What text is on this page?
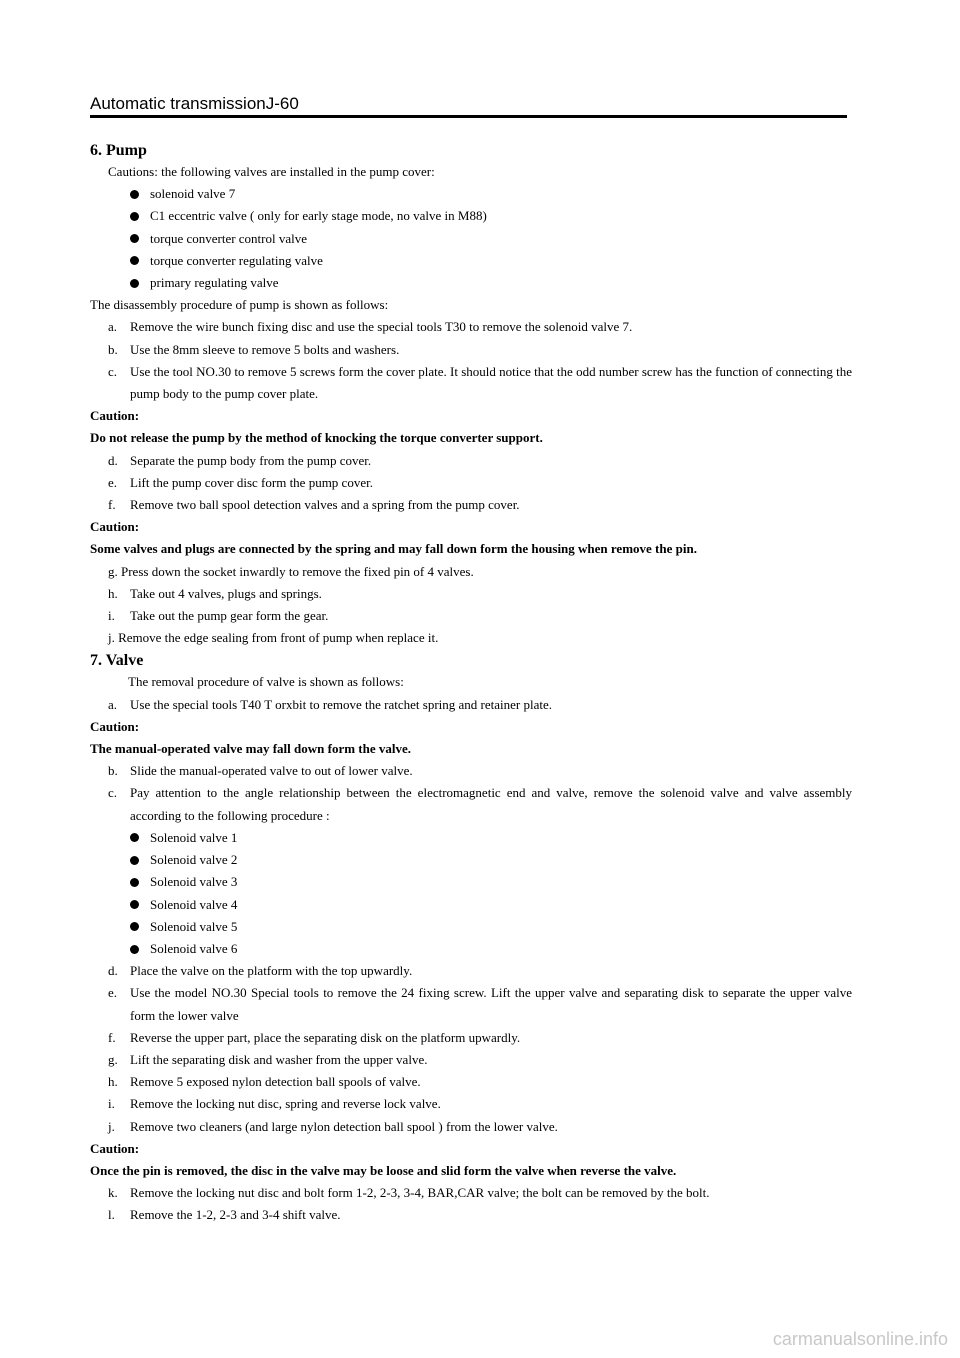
Automatic transmissionJ-60
6. Pump
Cautions: the following valves are installed in the pump cover:
solenoid valve 7
C1 eccentric valve ( only for early stage mode, no valve in M88)
torque converter control valve
torque converter regulating valve
primary regulating valve
The disassembly procedure of pump is shown as follows:
a. Remove the wire bunch fixing disc and use the special tools T30 to remove the solenoid valve 7.
b. Use the 8mm sleeve to remove 5 bolts and washers.
c. Use the tool NO.30 to remove 5 screws form the cover plate. It should notice that the odd number screw has the function of connecting the pump body to the pump cover plate.
Caution:
Do not release the pump by the method of knocking the torque converter support.
d. Separate the pump body from the pump cover.
e. Lift the pump cover disc form the pump cover.
f.	Remove two ball spool detection valves and a spring from the pump cover.
Caution:
Some valves and plugs are connected by the spring and may fall down form the housing when remove the pin.
g. Press down the socket inwardly to remove the fixed pin of 4 valves.
h. Take out 4 valves, plugs and springs.
i.	Take out the pump gear form the gear.
j. Remove the edge sealing from front of pump when replace it.
7. Valve
The removal procedure of valve is shown as follows:
a. Use the special tools T40 T orxbit to remove the ratchet spring and retainer plate.
Caution:
The manual-operated valve may fall down form the valve.
b. Slide the manual-operated valve to out of lower valve.
c. Pay attention to the angle relationship between the electromagnetic end and valve, remove the solenoid valve and valve assembly according to the following procedure :
Solenoid valve 1
Solenoid valve 2
Solenoid valve 3
Solenoid valve 4
Solenoid valve 5
Solenoid valve 6
d. Place the valve on the platform with the top upwardly.
e. Use the model NO.30 Special tools to remove the 24 fixing screw. Lift the upper valve and separating disk to separate the upper valve form the lower valve
f.	Reverse the upper part, place the separating disk on the platform upwardly.
g. Lift the separating disk and washer from the upper valve.
h. Remove 5 exposed nylon detection ball spools of valve.
i.	Remove the locking nut disc, spring and reverse lock valve.
j.	Remove two cleaners (and large nylon detection ball spool ) from the lower valve.
Caution:
Once the pin is removed, the disc in the valve may be loose and slid form the valve when reverse the valve.
k. Remove the locking nut disc and bolt form 1-2, 2-3, 3-4, BAR,CAR valve; the bolt can be removed by the bolt.
l.	Remove the 1-2, 2-3 and 3-4 shift valve.
carmanualsonline.info
